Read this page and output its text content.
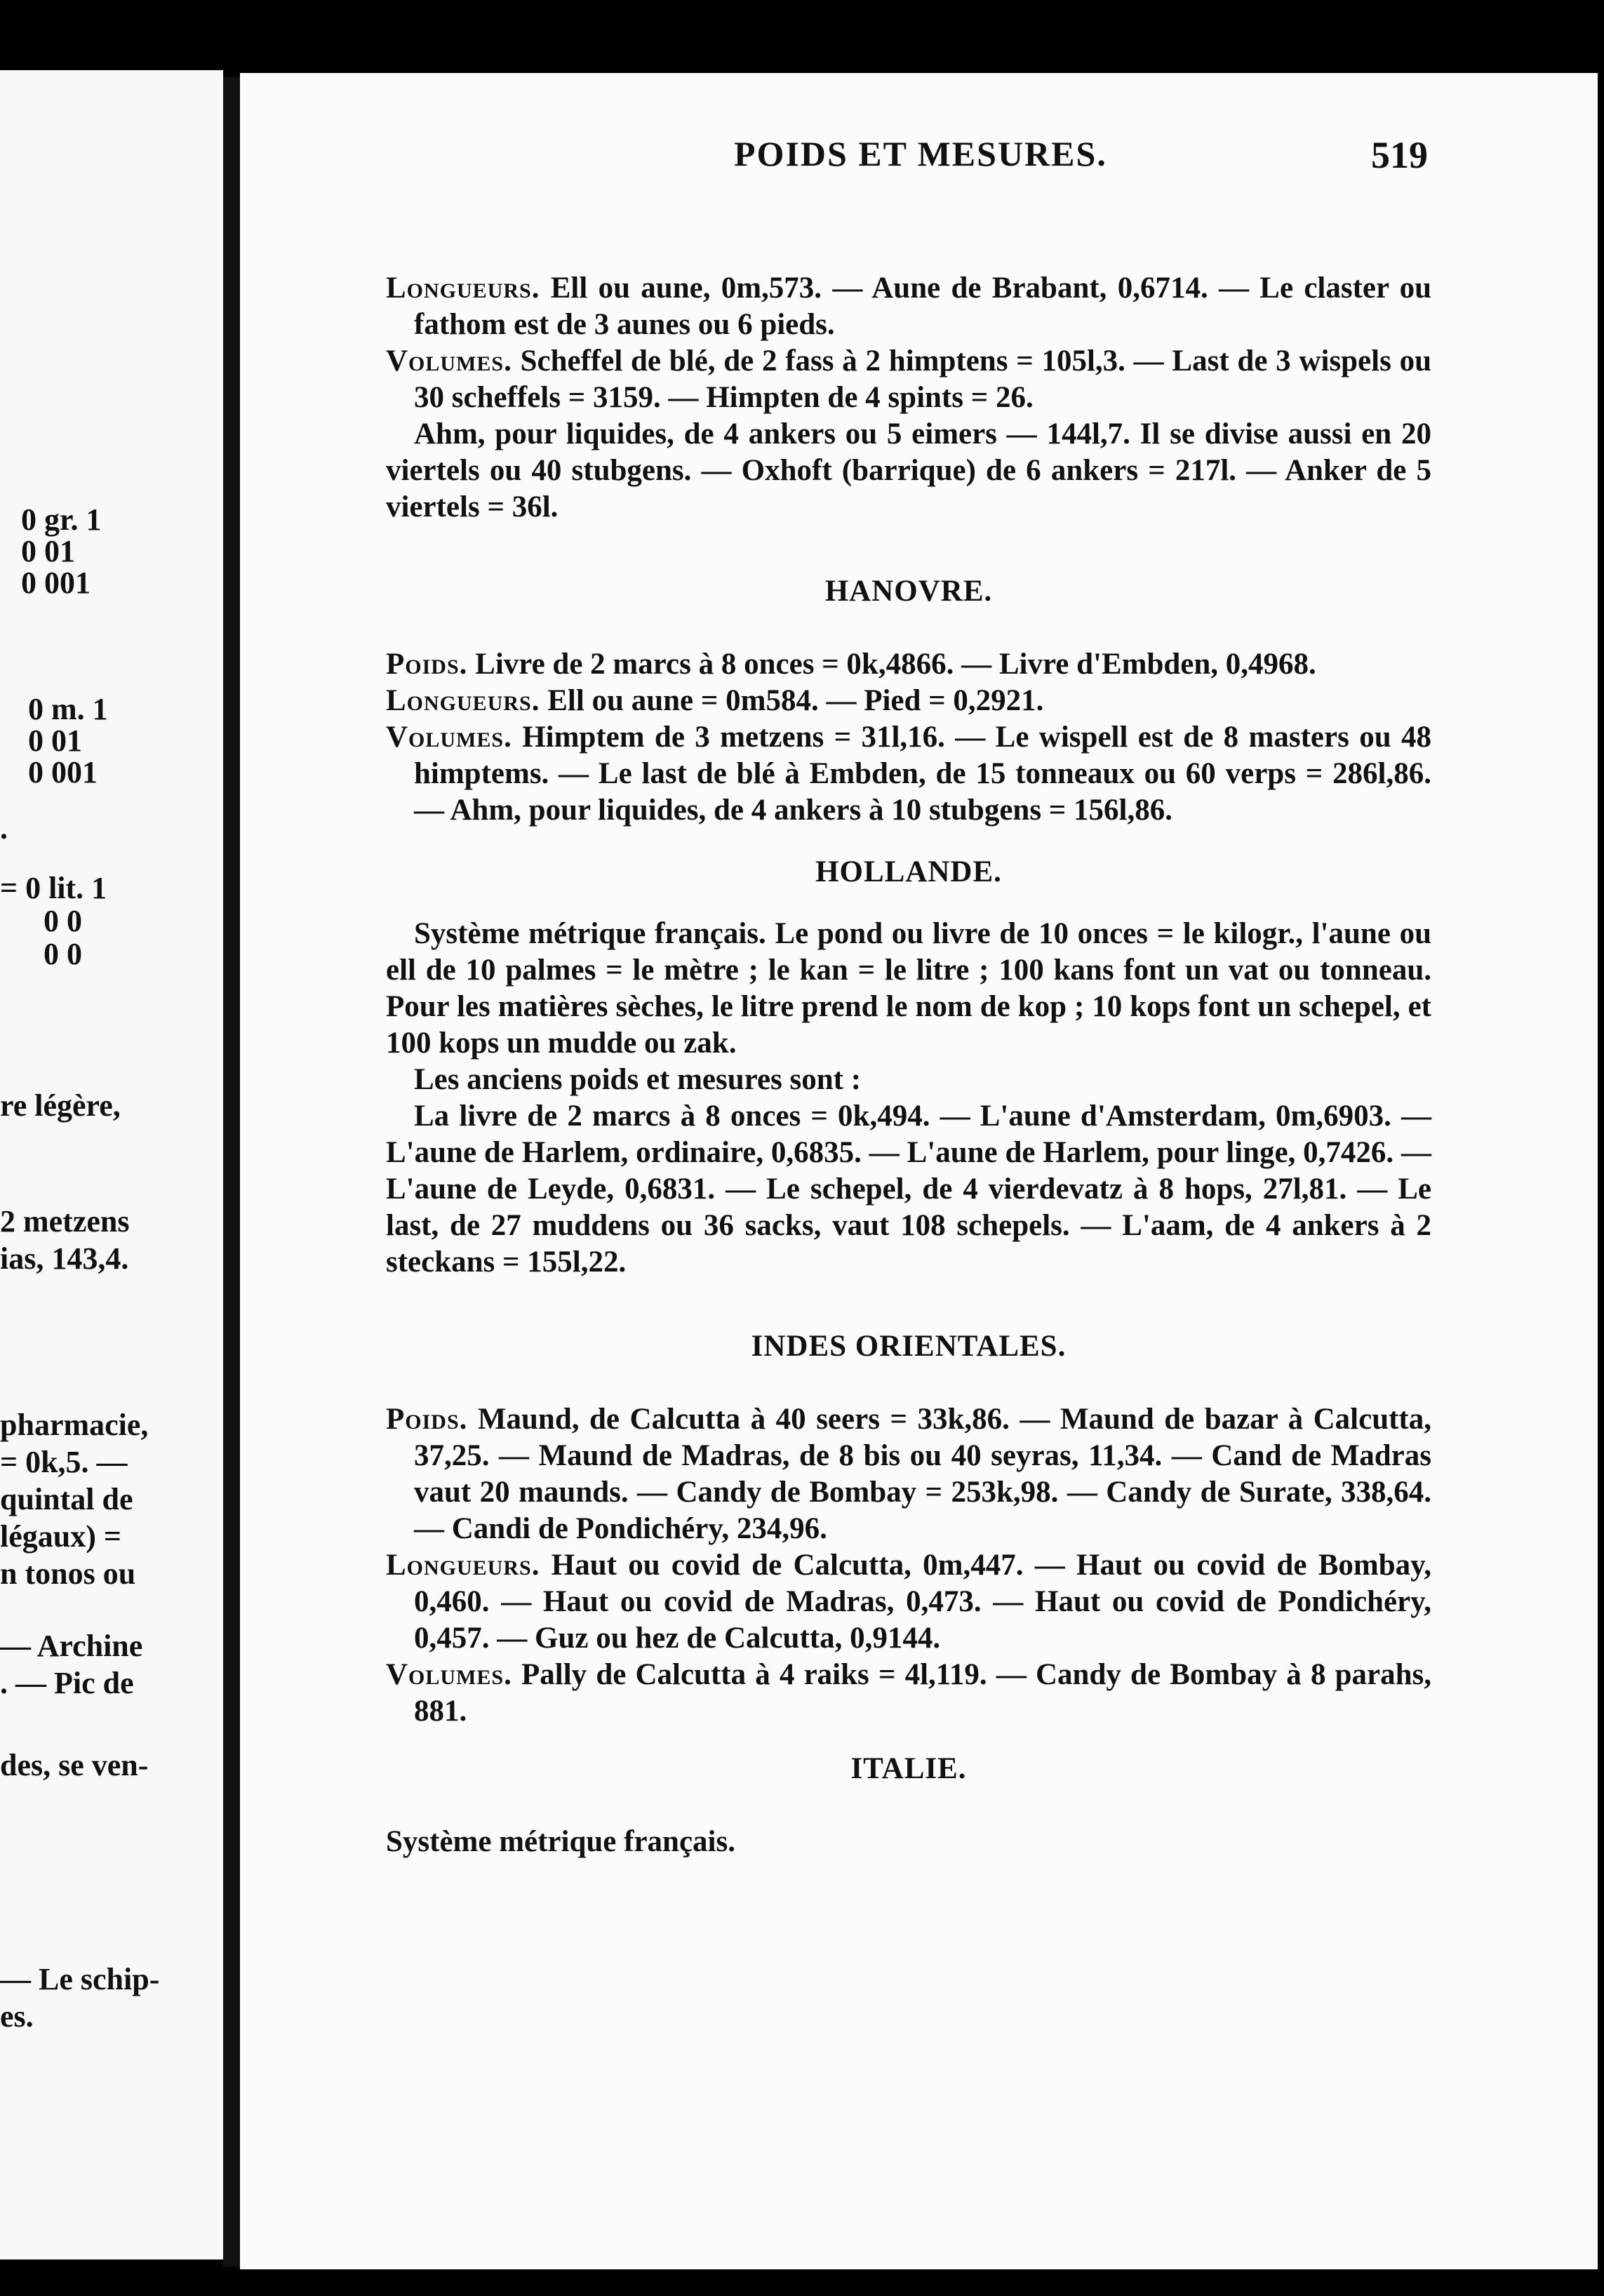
0 gr. 1
0 01
0 001
0 m. 1
0 01
0 001
.
= 0 lit. 1
0 0
0 0
re légère,
2 metzens
ias, 143,4.
pharmacie,
= 0k,5. —
quintal de
légaux) =
n tonos ou
— Archine
. — Pic de
des, se ven-
— Le schip-
es.
POIDS ET MESURES.	519

Longueurs. Ell ou aune, 0m,573. — Aune de Brabant, 0,6714. — Le claster ou fathom est de 3 aunes ou 6 pieds.

Volumes. Scheffel de blé, de 2 fass à 2 himptens = 105l,3. — Last de 3 wispels ou 30 scheffels = 3159. — Himpten de 4 spints = 26.

Ahm, pour liquides, de 4 ankers ou 5 eimers — 144l,7. Il se divise aussi en 20 viertels ou 40 stubgens. — Oxhoft (barrique) de 6 ankers = 217l. — Anker de 5 viertels = 36l.

HANOVRE.

Poids. Livre de 2 marcs à 8 onces = 0k,4866. — Livre d'Embden, 0,4968.

Longueurs. Ell ou aune = 0m584. — Pied = 0,2921.

Volumes. Himptem de 3 metzens = 31l,16. — Le wispell est de 8 masters ou 48 himptems. — Le last de blé à Embden, de 15 tonneaux ou 60 verps = 286l,86. — Ahm, pour liquides, de 4 ankers à 10 stubgens = 156l,86.

HOLLANDE.

Système métrique français. Le pond ou livre de 10 onces = le kilogr., l'aune ou ell de 10 palmes = le mètre ; le kan = le litre ; 100 kans font un vat ou tonneau. Pour les matières sèches, le litre prend le nom de kop ; 10 kops font un schepel, et 100 kops un mudde ou zak.

Les anciens poids et mesures sont :

La livre de 2 marcs à 8 onces = 0k,494. — L'aune d'Amsterdam, 0m,6903. — L'aune de Harlem, ordinaire, 0,6835. — L'aune de Harlem, pour linge, 0,7426. — L'aune de Leyde, 0,6831. — Le schepel, de 4 vierdevatz à 8 hops, 27l,81. — Le last, de 27 muddens ou 36 sacks, vaut 108 schepels. — L'aam, de 4 ankers à 2 steckans = 155l,22.

INDES ORIENTALES.

Poids. Maund, de Calcutta à 40 seers = 33k,86. — Maund de bazar à Calcutta, 37,25. — Maund de Madras, de 8 bis ou 40 seyras, 11,34. — Cand de Madras vaut 20 maunds. — Candy de Bombay = 253k,98. — Candy de Surate, 338,64. — Candi de Pondichéry, 234,96.

Longueurs. Haut ou covid de Calcutta, 0m,447. — Haut ou covid de Bombay, 0,460. — Haut ou covid de Madras, 0,473. — Haut ou covid de Pondichéry, 0,457. — Guz ou hez de Calcutta, 0,9144.

Volumes. Pally de Calcutta à 4 raiks = 4l,119. — Candy de Bombay à 8 parahs, 881.

ITALIE.

Système métrique français.
